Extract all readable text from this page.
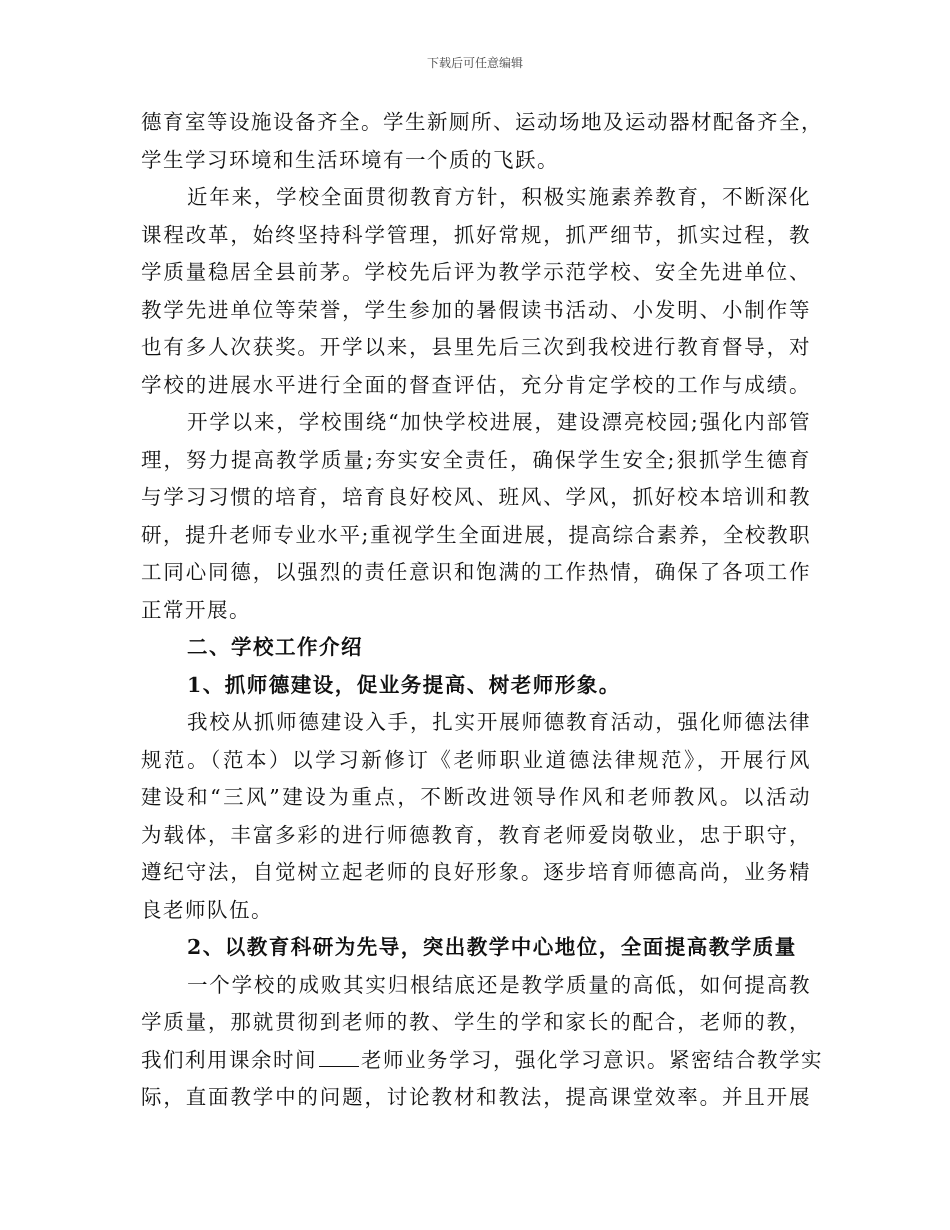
下载后可任意编辑
德育室等设施设备齐全。学生新厕所、运动场地及运动器材配备齐全，
学生学习环境和生活环境有一个质的飞跃。
近年来，学校全面贯彻教育方针，积极实施素养教育，不断深化
课程改革，始终坚持科学管理，抓好常规，抓严细节，抓实过程，教
学质量稳居全县前茅。学校先后评为教学示范学校、安全先进单位、
教学先进单位等荣誉，学生参加的暑假读书活动、小发明、小制作等
也有多人次获奖。开学以来，县里先后三次到我校进行教育督导，对
学校的进展水平进行全面的督查评估，充分肯定学校的工作与成绩。
开学以来，学校围绕“加快学校进展，建设漂亮校园;强化内部管
理，努力提高教学质量;夯实安全责任，确保学生安全;狠抓学生德育
与学习习惯的培育，培育良好校风、班风、学风，抓好校本培训和教
研，提升老师专业水平;重视学生全面进展，提高综合素养，全校教职
工同心同德，以强烈的责任意识和饱满的工作热情，确保了各项工作
正常开展。
二、学校工作介绍
1、抓师德建设，促业务提高、树老师形象。
我校从抓师德建设入手，扎实开展师德教育活动，强化师德法律
规范。（范本）以学习新修订《老师职业道德法律规范》，开展行风
建设和“三风”建设为重点，不断改进领导作风和老师教风。以活动
为载体，丰富多彩的进行师德教育，教育老师爱岗敬业，忠于职守，
遵纪守法，自觉树立起老师的良好形象。逐步培育师德高尚，业务精
良老师队伍。
2、以教育科研为先导，突出教学中心地位，全面提高教学质量
一个学校的成败其实归根结底还是教学质量的高低，如何提高教
学质量，那就贯彻到老师的教、学生的学和家长的配合，老师的教，
我们利用课余时间 老师业务学习，强化学习意识。紧密结合教学实
际，直面教学中的问题，讨论教材和教法，提高课堂效率。并且开展
